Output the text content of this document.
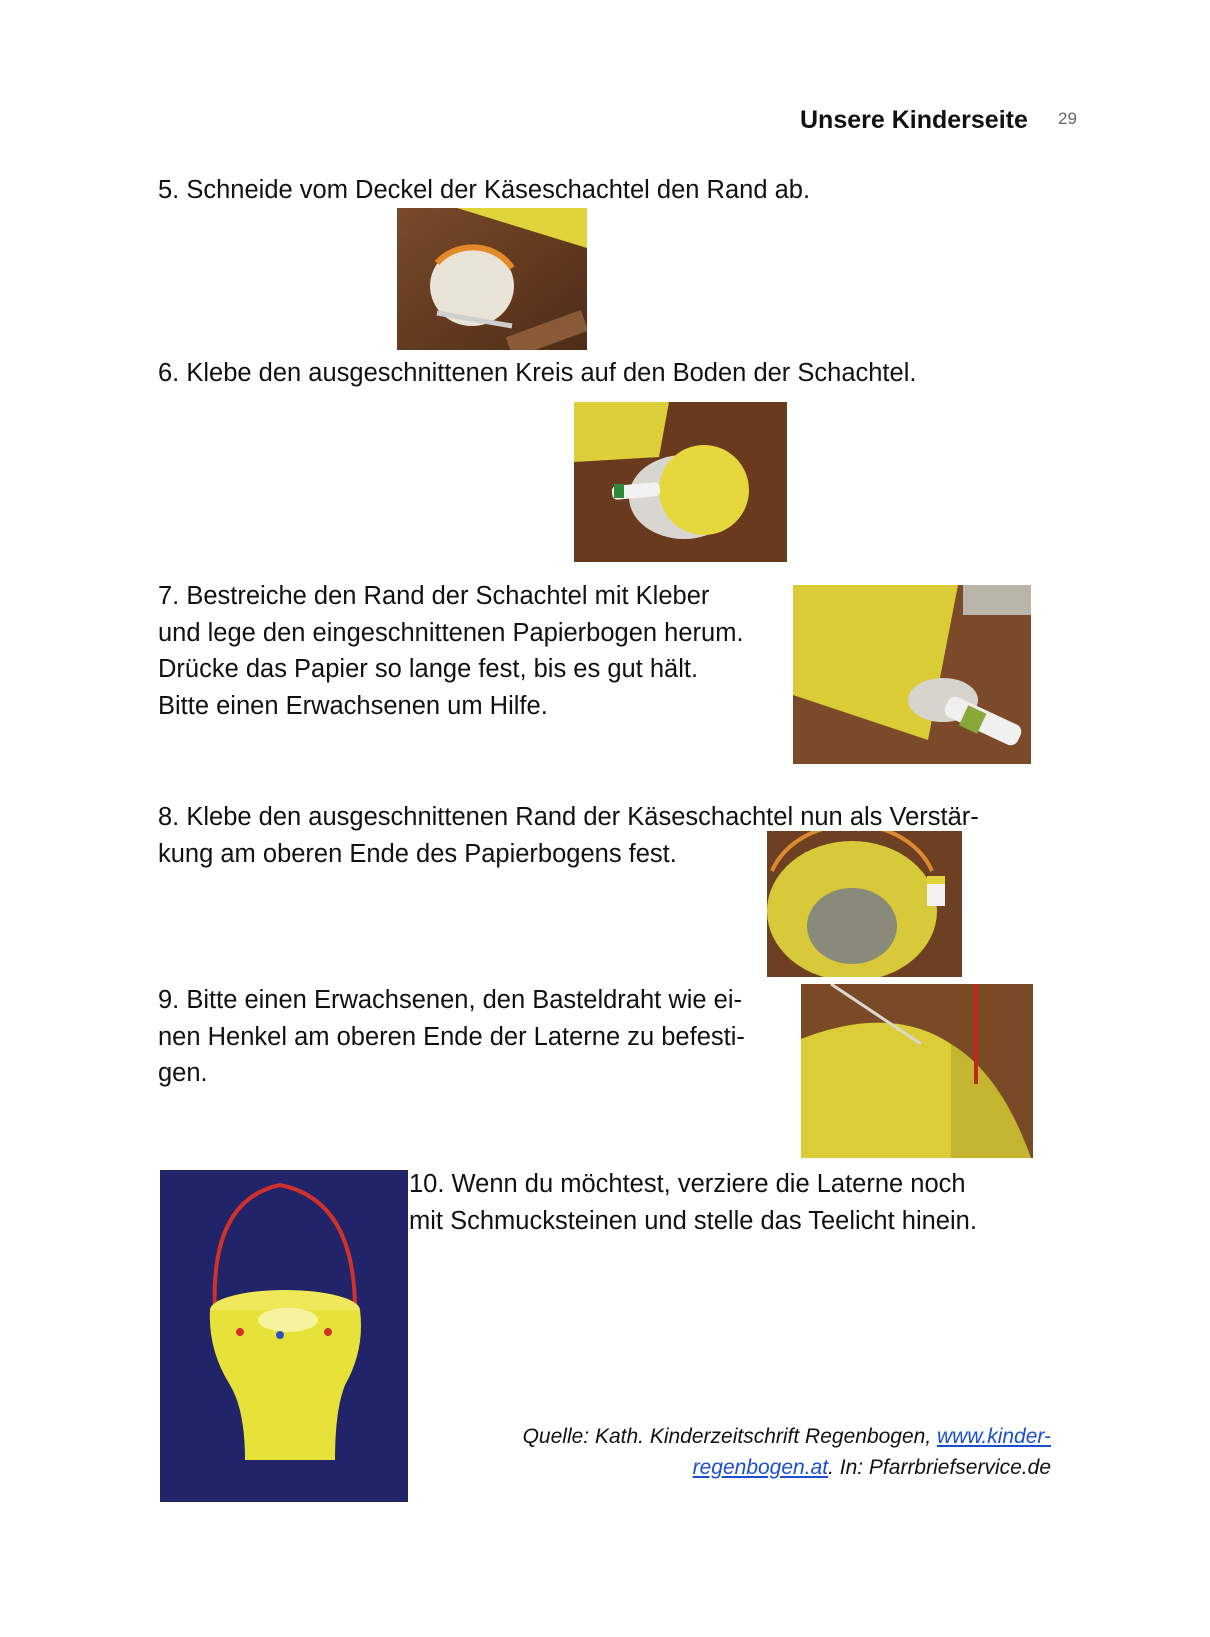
Unsere Kinderseite 29
5. Schneide vom Deckel der Käseschachtel den Rand ab.
6. Klebe den ausgeschnittenen Kreis auf den Boden der Schachtel.
7. Bestreiche den Rand der Schachtel mit Kleber
und lege den eingeschnittenen Papierbogen herum.
Drücke das Papier so lange fest, bis es gut hält.
Bitte einen Erwachsenen um Hilfe.
8. Klebe den ausgeschnittenen Rand der Käseschachtel nun als Verstär-
kung am oberen Ende des Papierbogens fest.
9. Bitte einen Erwachsenen, den Basteldraht wie ei-
nen Henkel am oberen Ende der Laterne zu befesti-
gen.
10. Wenn du möchtest, verziere die Laterne noch
mit Schmucksteinen und stelle das Teelicht hinein.
Quelle: Kath. Kinderzeitschrift Regenbogen, www.kinder-
regenbogen.at. In: Pfarrbriefservice.de
